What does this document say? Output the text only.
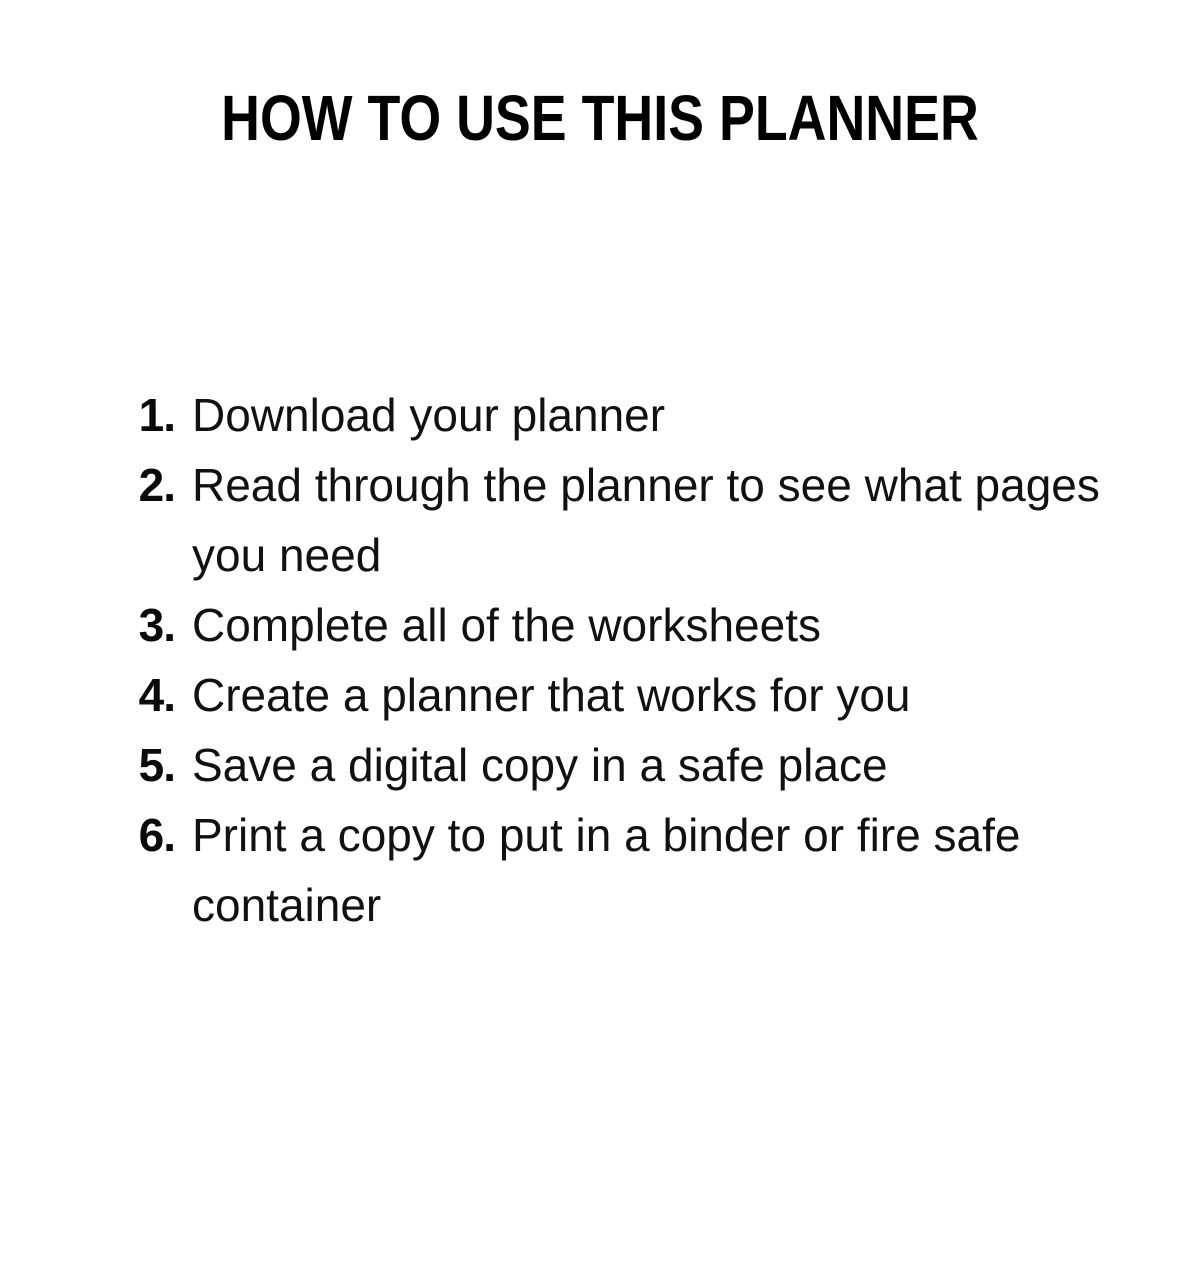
HOW TO USE THIS PLANNER
1. Download your planner
2. Read through the planner to see what pages you need
3. Complete all of the worksheets
4. Create a planner that works for you
5. Save a digital copy in a safe place
6. Print a copy to put in a binder or fire safe container
